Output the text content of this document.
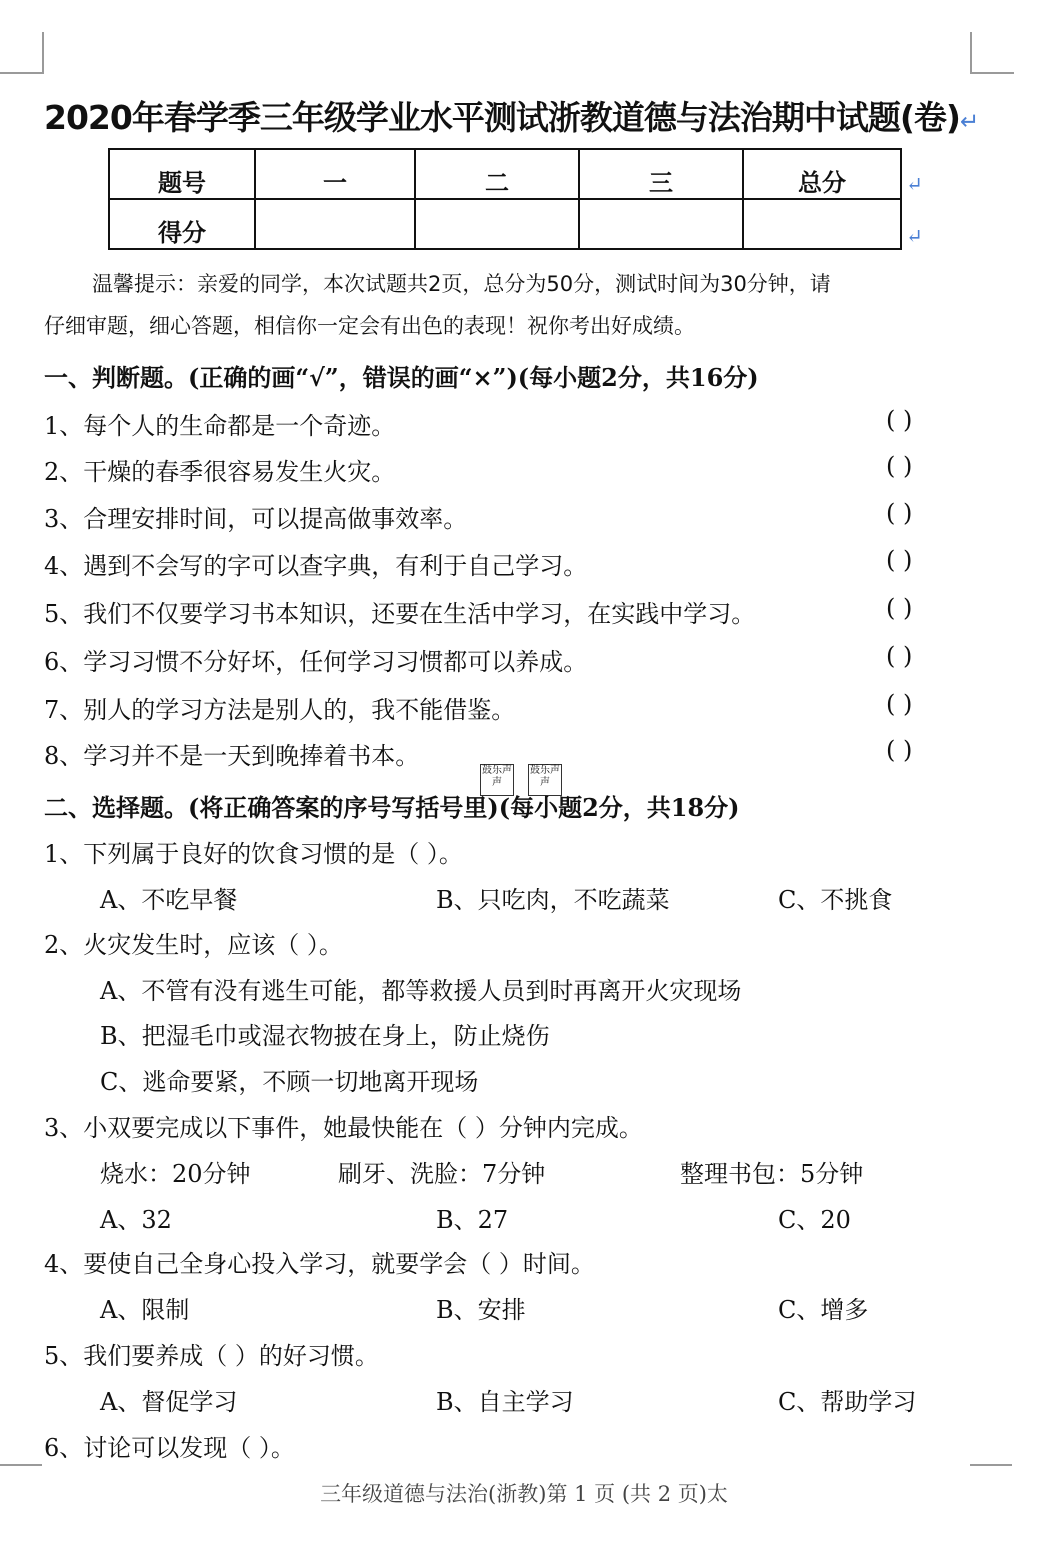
2020年春学季三年级学业水平测试浙教道德与法治期中试题(卷)↵
题号	一	二	三	总分
得分				
↵
↵
温馨提示：亲爱的同学，本次试题共2页，总分为50分，测试时间为30分钟，请
仔细审题，细心答题，相信你一定会有出色的表现！祝你考出好成绩。
一、判断题。(正确的画“√”，错误的画“×”)(每小题2分，共16分)
1、每个人的生命都是一个奇迹。	( )
2、干燥的春季很容易发生火灾。	( )
3、合理安排时间，可以提高做事效率。	( )
4、遇到不会写的字可以查字典，有利于自己学习。	( )
5、我们不仅要学习书本知识，还要在生活中学习，在实践中学习。	( )
6、学习习惯不分好坏，任何学习习惯都可以养成。	( )
7、别人的学习方法是别人的，我不能借鉴。	( )
8、学习并不是一天到晚捧着书本。	( )
鼓乐声声
鼓乐声声
二、选择题。(将正确答案的序号写括号里)(每小题2分，共18分)
1、下列属于良好的饮食习惯的是（ ）。
A、不吃早餐	B、只吃肉，不吃蔬菜	C、不挑食
2、火灾发生时，应该（ ）。
A、不管有没有逃生可能，都等救援人员到时再离开火灾现场
B、把湿毛巾或湿衣物披在身上，防止烧伤
C、逃命要紧，不顾一切地离开现场
3、小双要完成以下事件，她最快能在（ ）分钟内完成。
烧水：20分钟	刷牙、洗脸：7分钟	整理书包：5分钟
A、32	B、27	C、20
4、要使自己全身心投入学习，就要学会（ ）时间。
A、限制	B、安排	C、增多
5、我们要养成（ ）的好习惯。
A、督促学习	B、自主学习	C、帮助学习
6、讨论可以发现（ ）。
三年级道德与法治(浙教)第 1 页 (共 2 页)太
